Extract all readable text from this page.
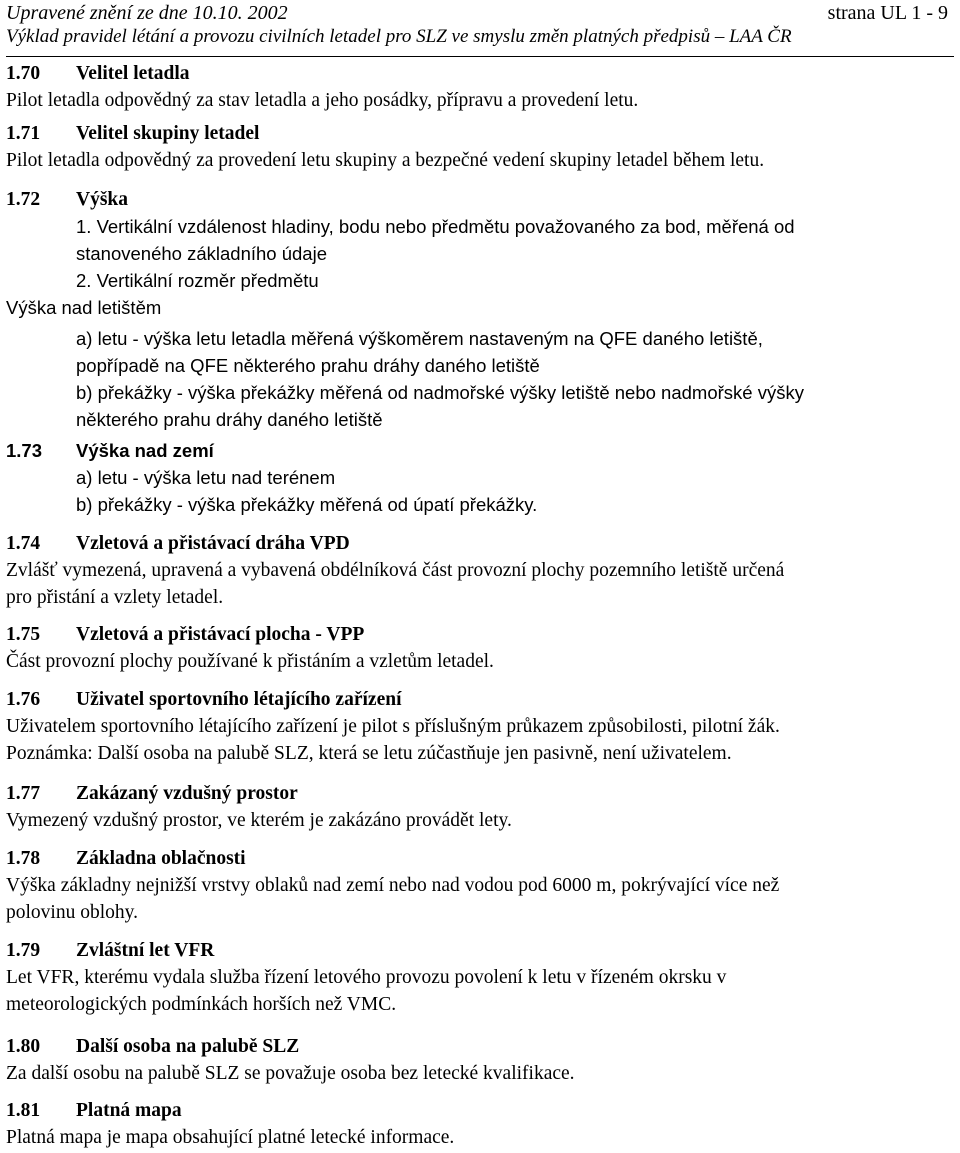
Upravené znění ze dne 10.10. 2002	strana UL 1 - 9
Výklad pravidel létání a provozu civilních letadel pro SLZ ve smyslu změn platných předpisů – LAA ČR
1.70 Velitel letadla
Pilot letadla odpovědný za stav letadla a jeho posádky, přípravu a provedení letu.
1.71 Velitel skupiny letadel
Pilot letadla odpovědný za provedení letu skupiny a bezpečné vedení skupiny letadel během letu.
1.72 Výška
1. Vertikální vzdálenost hladiny, bodu nebo předmětu považovaného za bod, měřená od
stanoveného základního údaje
2. Vertikální rozměr předmětu
Výška nad letištěm
a) letu - výška letu letadla měřená výškoměrem nastaveným na QFE daného letiště,
popřípadě na QFE některého prahu dráhy daného letiště
b) překážky - výška překážky měřená od nadmořské výšky letiště nebo nadmořské výšky
některého prahu dráhy daného letiště
1.73 Výška nad zemí
a) letu - výška letu nad terénem
b) překážky - výška překážky měřená od úpatí překážky.
1.74 Vzletová a přistávací dráha VPD
Zvlášť vymezená, upravená a vybavená obdélníková část provozní plochy pozemního letiště určená
pro přistání a vzlety letadel.
1.75 Vzletová a přistávací plocha - VPP
Část provozní plochy používané k přistáním a vzletům letadel.
1.76 Uživatel sportovního létajícího zařízení
Uživatelem sportovního létajícího zařízení je pilot s příslušným průkazem způsobilosti, pilotní žák.
Poznámka: Další osoba na palubě SLZ, která se letu zúčastňuje jen pasivně, není uživatelem.
1.77 Zakázaný vzdušný prostor
Vymezený vzdušný prostor, ve kterém je zakázáno provádět lety.
1.78 Základna oblačnosti
Výška základny nejnižší vrstvy oblaků nad zemí nebo nad vodou pod 6000 m, pokrývající více než
polovinu oblohy.
1.79 Zvláštní let VFR
Let VFR, kterému vydala služba řízení letového provozu povolení k letu v řízeném okrsku v
meteorologických podmínkách horších než VMC.
1.80 Další osoba na palubě SLZ
Za další osobu na palubě SLZ se považuje osoba bez letecké kvalifikace.
1.81 Platná mapa
Platná mapa je mapa obsahující platné letecké informace.
